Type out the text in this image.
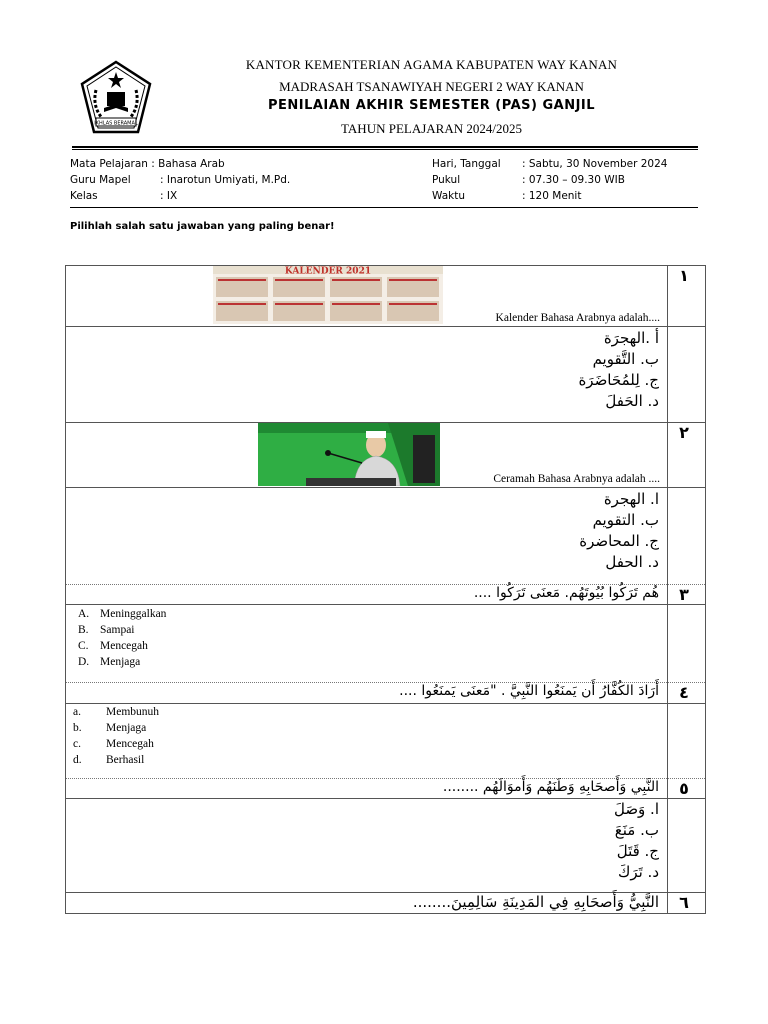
IKHLAS BERAMAL
KANTOR KEMENTERIAN AGAMA KABUPATEN WAY KANAN
MADRASAH TSANAWIYAH NEGERI 2 WAY KANAN
PENILAIAN AKHIR SEMESTER (PAS) GANJIL
TAHUN PELAJARAN 2024/2025
Mata Pelajaran : Bahasa Arab
Guru Mapel	: Inarotun Umiyati, M.Pd.
Kelas	: IX
Hari, Tanggal : Sabtu, 30 November 2024
Pukul	: 07.30 – 09.30 WIB
Waktu	: 120 Menit
Pilihlah salah satu jawaban yang paling benar!
KALENDER 2021
Kalender Bahasa Arabnya adalah....
١
أ .الهجرَة
ب. التَّقويم
ج. لِلمُحَاضَرَة
د. الحَفلَ
Ceramah Bahasa Arabnya adalah ....
٢
ا. الهجرة
ب. التقويم
ج. المحاضرة
د. الحفل
هُم تَرَكُوا بُيُوتَهُم. مَعنَى تَرَكُوا ....	٣
A. Meninggalkan
B. Sampai
C. Mencegah
D. Menjaga
أَرَادَ الكُفَّارُ أَن يَمنَعُوا النَّبِيَّ . "مَعنَى يَمنَعُوا ....	٤
a. Membunuh
b. Menjaga
c. Mencegah
d. Berhasil
النَّبِي وَأَصحَابِهِ وَطَنَهُم وَأَموَالَهُم ........	٥
ا. وَصَلَ
ب. مَنَعَ
ج. قَتَلَ
د. تَرَكَ
النَّبِيُّ وَأَصحَابِهِ فِي المَدِينَةِ سَالِمِينَ........	٦
